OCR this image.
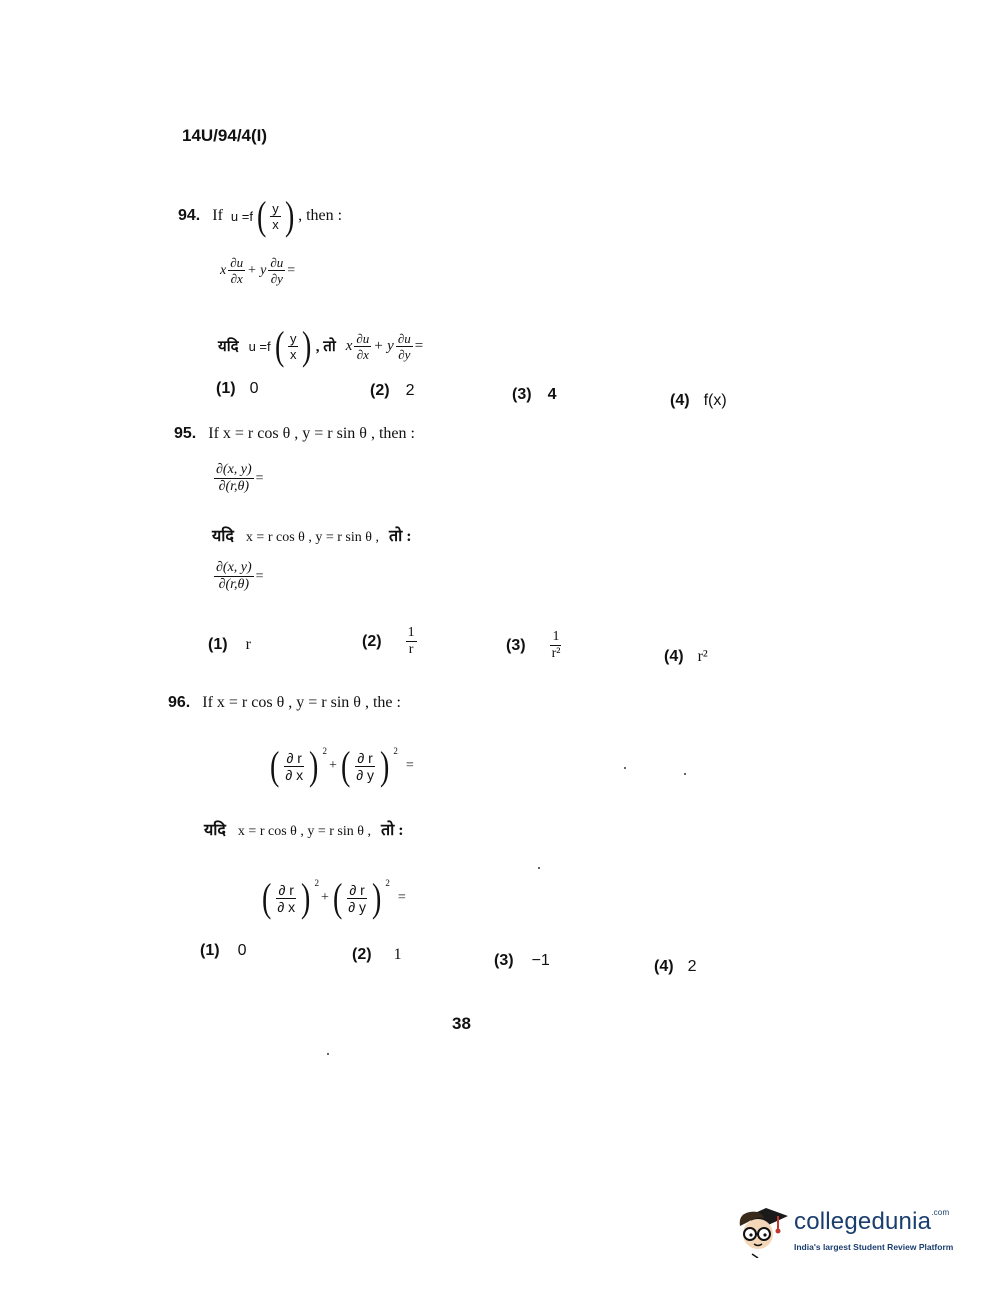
14U/94/4(I)
94. If u =f ( $\frac{y}{x}$ ) , then :
x $\frac{\partial u}{\partial x} + y \frac{\partial u}{\partial y}$ =
यदि u =f ( $\frac{y}{x}$ ) , तो x $\frac{\partial u}{\partial x} + y \frac{\partial u}{\partial y}$ =
(1) 0	(2) 2	(3) 4	(4) f(x)
95. If x = r cos θ , y = r sin θ , then :
$\frac{\partial(x, y)}{\partial(r,\theta)}$ =
यदि x = r cos θ , y = r sin θ , तो :
$\frac{\partial(x, y)}{\partial(r,\theta)}$ =
(1) r	$(2) \frac{1}{r}$	$(3) \frac{1}{\text{r²}}$	(4) r²
96. If x = r cos θ , y = r sin θ , the :
( $\frac{\partial r}{\partial x}$ ) $^2$
+ ( $\frac{\partial r}{\partial y}$ ) $^2$
=
यदि x = r cos θ , y = r sin θ , तो :
( $\frac{\partial r}{\partial x}$ ) $^2$
+ ( $\frac{\partial r}{\partial y}$ ) $^2$
=
(1) 0	(2) 1	(3) −1	(4) 2
38
collegedunia$^{.com}$
India's largest Student Review Platform
